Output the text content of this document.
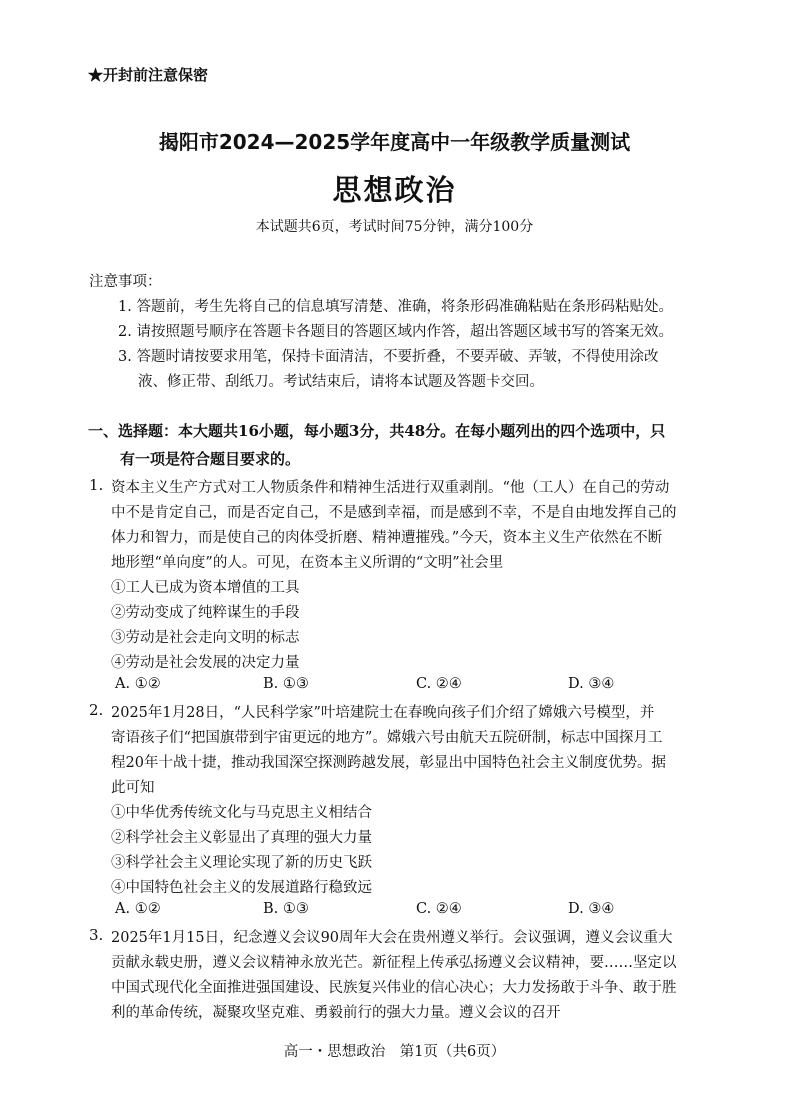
★开封前注意保密
揭阳市2024—2025学年度高中一年级教学质量测试
思想政治
本试题共6页，考试时间75分钟，满分100分
注意事项：
1. 答题前，考生先将自己的信息填写清楚、准确，将条形码准确粘贴在条形码粘贴处。
2. 请按照题号顺序在答题卡各题目的答题区域内作答，超出答题区域书写的答案无效。
3. 答题时请按要求用笔，保持卡面清洁，不要折叠，不要弄破、弄皱，不得使用涂改
液、修正带、刮纸刀。考试结束后，请将本试题及答题卡交回。
一、选择题：本大题共16小题，每小题3分，共48分。在每小题列出的四个选项中，只
有一项是符合题目要求的。
1. 资本主义生产方式对工人物质条件和精神生活进行双重剥削。“他（工人）在自己的劳动
中不是肯定自己，而是否定自己，不是感到幸福，而是感到不幸，不是自由地发挥自己的
体力和智力，而是使自己的肉体受折磨、精神遭摧残。”今天，资本主义生产依然在不断
地形塑“单向度”的人。可见，在资本主义所谓的“文明”社会里
①工人已成为资本增值的工具
②劳动变成了纯粹谋生的手段
③劳动是社会走向文明的标志
④劳动是社会发展的决定力量
A. ①②	B. ①③	C. ②④	D. ③④
2. 2025年1月28日，“人民科学家”叶培建院士在春晚向孩子们介绍了嫦娥六号模型，并
寄语孩子们“把国旗带到宇宙更远的地方”。嫦娥六号由航天五院研制，标志中国探月工
程20年十战十捷，推动我国深空探测跨越发展，彰显出中国特色社会主义制度优势。据
此可知
①中华优秀传统文化与马克思主义相结合
②科学社会主义彰显出了真理的强大力量
③科学社会主义理论实现了新的历史飞跃
④中国特色社会主义的发展道路行稳致远
A. ①②	B. ①③	C. ②④	D. ③④
3. 2025年1月15日，纪念遵义会议90周年大会在贵州遵义举行。会议强调，遵义会议重大
贡献永载史册，遵义会议精神永放光芒。新征程上传承弘扬遵义会议精神，要……坚定以
中国式现代化全面推进强国建设、民族复兴伟业的信心决心；大力发扬敢于斗争、敢于胜
利的革命传统，凝聚攻坚克难、勇毅前行的强大力量。遵义会议的召开
高一・思想政治　第1页（共6页）
